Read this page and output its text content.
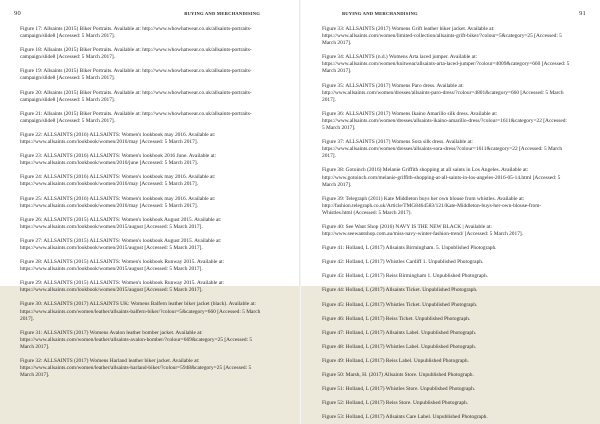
90	BUYING AND MERCHANDISING
Figure 17: Allsaints (2015) Biker Portraits. Available at: http://www.whowhatwear.co.uk/allsaints-portraits-campaign/slide8 [Accessed: 5 March 2017].
Figure 18: Allsaints (2015) Biker Portraits. Available at: http://www.whowhatwear.co.uk/allsaints-portraits-campaign/slide8 [Accessed: 5 March 2017].
Figure 19: Allsaints (2015) Biker Portraits. Available at: http://www.whowhatwear.co.uk/allsaints-portraits-campaign/slide8 [Accessed: 5 March 2017].
Figure 20: Allsaints (2015) Biker Portraits. Available at: http://www.whowhatwear.co.uk/allsaints-portraits-campaign/slide8 [Accessed: 5 March 2017].
Figure 21: Allsaints (2015) Biker Portraits. Available at: http://www.whowhatwear.co.uk/allsaints-portraits-campaign/slide8 [Accessed: 5 March 2017].
Figure 22: ALLSAINTS (2016) ALLSAINTS: Women's lookbook may 2016. Available at: https://www.allsaints.com/lookbook/women/2016/may [Accessed: 5 March 2017].
Figure 23: ALLSAINTS (2016) ALLSAINTS: Women's lookbook 2016 June. Available at: https://www.allsaints.com/lookbook/women/2016/june [Accessed: 5 March 2017].
Figure 24: ALLSAINTS (2016) ALLSAINTS: Women's lookbook may 2016. Available at: https://www.allsaints.com/lookbook/women/2016/may [Accessed: 5 March 2017].
Figure 25: ALLSAINTS (2016) ALLSAINTS: Women's lookbook may 2016. Available at: https://www.allsaints.com/lookbook/women/2016/may [Accessed: 5 March 2017].
Figure 26: ALLSAINTS (2015) ALLSAINTS: Women's lookbook August 2015. Available at: https://www.allsaints.com/lookbook/women/2015/august [Accessed: 5 March 2017].
Figure 27: ALLSAINTS (2015) ALLSAINTS: Women's lookbook August 2015. Available at: https://www.allsaints.com/lookbook/women/2015/august [Accessed: 5 March 2017].
Figure 28: ALLSAINTS (2015) ALLSAINTS: Women's lookbook Runway 2015. Available at: https://www.allsaints.com/lookbook/women/2015/august [Accessed: 5 March 2017].
Figure 29: ALLSAINTS (2015) ALLSAINTS: Women's lookbook Runway 2015. Available at: https://www.allsaints.com/lookbook/women/2015/august [Accessed: 5 March 2017].
Figure 30: ALLSAINTS (2017) ALLSAINTS UK: Womens Balfern leather biker jacket (black). Available at: https://www.allsaints.com/women/leather/allsaints-balfern-biker/?colour=5&category=660 [Accessed: 5 March 2017].
Figure 31: ALLSAINTS (2017) Womens Avalon leather bomber jacket. Available at: https://www.allsaints.com/women/leather/allsaints-avalon-bomber/?colour=669&category=25 [Accessed: 5 March 2017].
Figure 32: ALLSAINTS (2017) Womens Harland leather biker jacket. Available at: https://www.allsaints.com/women/leather/allsaints-harland-biker/?colour=5948&category=25 [Accessed: 5 March 2017].
BUYING AND MERCHANDISING	91
Figure 33: ALLSAINTS (2017) Womens Grift leather biker jacket. Available at: https://www.allsaints.com/women/limited-collection/allsaints-grift-biker/?colour=5&category=25 [Accessed: 5 March 2017].
Figure 34: ALLSAINTS (n.d.) Womens Arta laced jumper. Available at: https://www.allsaints.com/women/knitwear/allsaints-arta-laced-jumper/?colour=4009&category=660 [Accessed: 5 March 2017].
Figure 35: ALLSAINTS (2017) Womens Paro dress. Available at: http://www.allsaints.com/women/dresses/allsaints-paro-dress/?colour=4801&category=660 [Accessed: 5 March 2017].
Figure 36: ALLSAINTS (2017) Womens Ikaino Amarillo silk dress. Available at: https://www.allsaints.com/women/dresses/allsaints-ikaino-amarillo-dress/?colour=1611&category=22 [Accessed: 5 March 2017].
Figure 37: ALLSAINTS (2017) Womens Sora silk dress. Available at: https://www.allsaints.com/women/dresses/allsaints-sora-dress/?colour=1611&category=22 [Accessed: 5 March 2017].
Figure 38: Gotoinch (2016) Melanie Griffith shopping at all saints in Los Angeles. Available at: http://www.gotoinch.com/melanie-griffith-shopping-at-all-saints-in-los-angeles-2016-05-14.html [Accessed: 5 March 2017].
Figure 39: Telegraph (2011) Kate Middleton buys her own blouse from whistles. Available at: http://fashion.telegraph.co.uk/Article/TMG8464583/121/Kate-Middleton-buys-her-own-blouse-from-Whistles.html (Accessed: 5 March 2017).
Figure 40: See Want Shop (2016) NAVY IS THE NEW BLACK | Available at: http://www.seewantshop.com.au/miss-navy-winter-fashion-trend/ [Accessed: 5 March 2017].
Figure 41: Holland, L (2017) Allsaints Birmingham. 5. Unpublished Photograph.
Figure 42: Holland, L (2017) Whistles Cardiff 1. Unpublished Photograph.
Figure 43: Holland, L (2017) Reiss Birmingham 1. Unpublished Photograph.
Figure 44: Holland, L (2017) Allsaints Ticket. Unpublished Photograph.
Figure 45: Holland, L (2017) Whistles Ticket. Unpublished Photograph.
Figure 46: Holland, L (2017) Reiss Ticket. Unpublished Photograph.
Figure 47: Holland, L (2017) Allsaints Label. Unpublished Photograph.
Figure 48: Holland, L (2017) Whistles Label. Unpublished Photograph.
Figure 49: Holland, L (2017) Reiss Label. Unpublished Photograph.
Figure 50: Marsh, H. (2017) Allsaints Store. Unpublished Photograph.
Figure 51: Holland, L (2017) Whistles Store. Unpublished Photograph.
Figure 52: Holland, L (2017) Reiss Store. Unpublished Photograph.
Figure 53: Holland, L (2017) Allsaints Care Label. Unpublished Photograph.
